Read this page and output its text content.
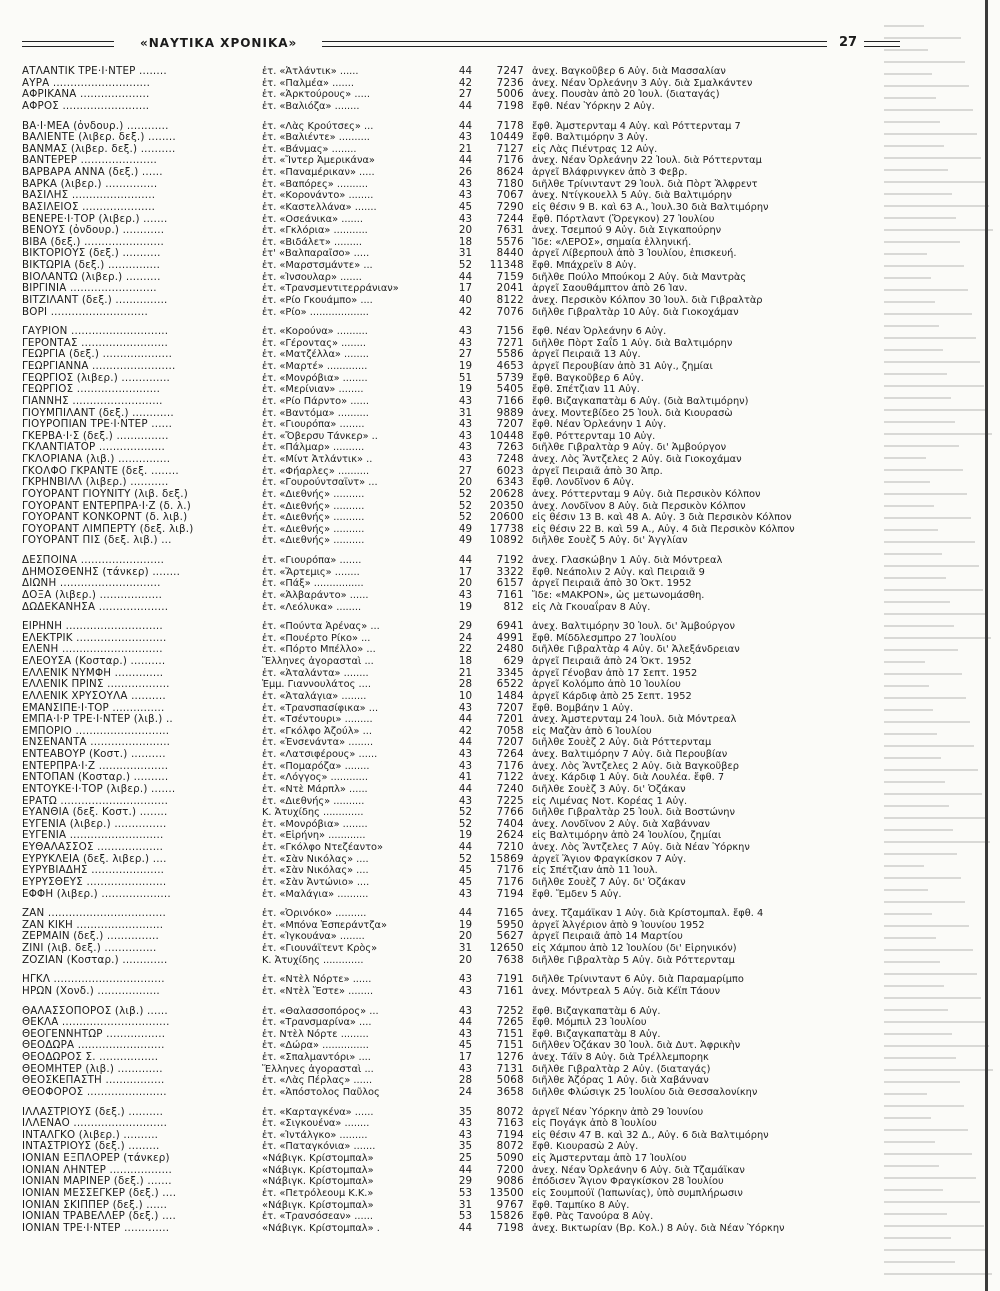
«ΝΑΥΤΙΚΑ ΧΡΟΝΙΚΑ»	27
ΑΤΛΑΝΤΙΚ ΤΡΕ·Ι·ΝΤΕΡ ........	ἐτ. «Ἀτλάντικ» ......	44	7247 ἀνεχ. Βαγκοῦβερ 6 Αὐγ. διὰ Μασσαλίαν
ΑΥΡΑ ............................	ἐτ. «Παλμέα» .......	42	7236 ἀνεχ. Νέαν Ὀρλεάνην 3 Αὐγ. διὰ Σμαλκάντεν
ΑΦΡΙΚΑΝΑ ....................	ἐτ. «Ἀρκτούρους» .....	27	5006 ἀνεχ. Πουσὰν ἀπὸ 20 Ἰουλ. (διαταγάς)
ΑΦΡΟΣ .........................	ἐτ. «Βαλιόζα» ........	44	7198 ἔφθ. Νέαν Ὑόρκην 2 Αὐγ.
ΒΑ·Ι·ΜΕΑ (ὀνδουρ.) ............	ἐτ. «Λὰς Κρούτσες» ...	44	7178 ἔφθ. Ἀμστερνταμ 4 Αὐγ. καὶ Ρόττερνταμ 7
ΒΑΛΙΕΝΤΕ (λιβερ. δεξ.) ........	ἐτ. «Βαλιέντε» ..........	43	10449 ἔφθ. Βαλτιμόρην 3 Αὐγ.
ΒΑΝΜΑΣ (λιβερ. δεξ.) ..........	ἐτ. «Βάνμας» ........	21	7127 εἰς Λὰς Πιέντρας 12 Αὐγ.
ΒΑΝΤΕΡΕΡ ......................	ἐτ. «Ἴντερ Ἀμερικάνα»	44	7176 ἀνεχ. Νέαν Ὀρλεάνην 22 Ἰουλ. διὰ Ρόττερνταμ
ΒΑΡΒΑΡΑ ΑΝΝΑ (δεξ.) ......	ἐτ. «Παναμέρικαν» .....	26	8624 ἀργεῖ Βλάφρινγκεν ἀπὸ 3 Φεβρ.
ΒΑΡΚΑ (λιβερ.) ...............	ἐτ. «Βαπόρες» ..........	43	7180 διῆλθε Τρίνινταντ 29 Ἰουλ. διὰ Πὸρτ Ἄλφρεντ
ΒΑΣΙΛΗΣ ........................	ἐτ. «Κορονάντο» ........	43	7067 ἀνεχ. Ντίγκουελλ 5 Αὐγ. διὰ Βαλτιμόρην
ΒΑΣΙΛΕΙΟΣ .....................	ἐτ. «Καστελλάνα» .......	45	7290 εἰς θέσιν 9 Β. καὶ 63 Α., Ἰουλ.30 διὰ Βαλτιμόρην
ΒΕΝΕΡΕ·Ι·ΤΟΡ (λιβερ.) .......	ἐτ. «Οσεάνικα» .......	43	7244 ἔφθ. Πόρτλαντ (Ὄρεγκον) 27 Ἰουλίου
ΒΕΝΟΥΣ (ὀνδουρ.) ............	ἐτ. «Γκλόρια» ...........	20	7631 ἀνεχ. Τσεμπού 9 Αὐγ. διὰ Σιγκαπούρην
ΒΙΒΑ (δεξ.) .......................	ἐτ. «Βιδάλετ» .........	18	5576 Ἴδε: «ΛΕΡΟΣ», σημαία ἑλληνική.
ΒΙΚΤΟΡΙΟΥΣ (δεξ.) ...........	ἐτ' «Βαλπαραῖσο» .....	31	8440 ἀργεῖ Λίβερπουλ ἀπὸ 3 Ἰουλίου, ἐπισκευή.
ΒΙΚΤΩΡΙΑ (δεξ.) ...............	ἐτ. «Μαρστσμάντε» ...	52	11348 ἔφθ. Μπάχρεϊν 8 Αὐγ.
ΒΙΟΛΑΝΤΩ (λιβερ.) ..........	ἐτ. «Ἰνσουλαρ» .......	44	7159 διῆλθε Πούλο Μπούκομ 2 Αὐγ. διὰ Μαντρὰς
ΒΙΡΓΙΝΙΑ .........................	ἐτ. «Τρανσμεντιτερράνιαν»	17	2041 ἀργεῖ Σαουθάμπτον ἀπὸ 26 Ἰαν.
ΒΙΤΖΙΛΑΝΤ (δεξ.) ...............	ἐτ. «Ρίο Γκουάμπο» ....	40	8122 ἀνεχ. Περσικὸν Κόλπον 30 Ἰουλ. διὰ Γιβραλτὰρ
ΒΟΡΙ ............................	ἐτ. «Ρίο» ...................	42	7076 διῆλθε Γιβραλτὰρ 10 Αὐγ. διὰ Γιοκοχάμαν
ΓΑΥΡΙΟΝ ............................	ἐτ. «Κορούνα» ..........	43	7156 ἔφθ. Νέαν Ὀρλεάνην 6 Αὐγ.
ΓΕΡΟΝΤΑΣ .........................	ἐτ. «Γέροντας» ........	43	7271 διῆλθε Πὸρτ Σαΐδ 1 Αὐγ. διὰ Βαλτιμόρην
ΓΕΩΡΓΙΑ (δεξ.) ....................	ἐτ. «Ματζέλλα» ........	27	5586 ἀργεῖ Πειραιᾶ 13 Αὐγ.
ΓΕΩΡΓΙΑΝΝΑ ........................	ἐτ. «Μαρτέ» .............	19	4653 ἀργεῖ Περουβίαν ἀπὸ 31 Αὐγ., ζημίαι
ΓΕΩΡΓΙΟΣ (λιβερ.) ..............	ἐτ. «Μονρόβια» ........	51	5739 ἔφθ. Βαγκοῦβερ 6 Αὐγ.
ΓΕΩΡΓΙΟΣ ........................	ἐτ. «Μερίνιαν» ........	19	5405 ἔφθ. Σπέτζιαν 11 Αὐγ.
ΓΙΑΝΝΗΣ ..........................	ἐτ. «Ρίο Πάρντο» ......	43	7166 ἔφθ. Βιζαγκαπατὰμ 6 Αὐγ. (διὰ Βαλτιμόρην)
ΓΙΟΥΜΠΙΛΑΝΤ (δεξ.) ............	ἐτ. «Βαντόμα» ..........	31	9889 ἀνεχ. Μοντεβίδεο 25 Ἰουλ. διὰ Κιουρασὼ
ΓΙΟΥΡΟΠΙΑΝ ΤΡΕ·Ι·ΝΤΕΡ ......	ἐτ. «Γιουρόπα» ........	43	7207 ἔφθ. Νέαν Ὀρλεάνην 1 Αὐγ.
ΓΚΕΡΒΑ·Ι·Σ (δεξ.) ...............	ἐτ. «Ὄβερσυ Τάνκερ» ..	43	10448 ἔφθ. Ρόττερνταμ 10 Αὐγ.
ΓΚΛΑΝΤΙΑΤΟΡ ...................	ἐτ. «Πάλμαρ» ..........	43	7263 διῆλθε Γιβραλτὰρ 9 Αὐγ. δι' Ἀμβούργον
ΓΚΛΟΡΙΑΝΑ (λιβ.) ...............	ἐτ. «Μίντ Ἀτλάντικ» ..	43	7248 ἀνεχ. Λὸς Ἄντζελες 2 Αὐγ. διὰ Γιοκοχάμαν
ΓΚΟΛΦΟ ΓΚΡΑΝΤΕ (δεξ. ........	ἐτ. «Φήαρλες» ..........	27	6023 ἀργεῖ Πειραιᾶ ἀπὸ 30 Ἀπρ.
ΓΚΡΗΝΒΙΛΛ (λιβερ.) ...........	ἐτ. «Γουρούντσαϊντ» ...	20	6343 ἔφθ. Λονδῖνον 6 Αὐγ.
ΓΟΥΟΡΑΝΤ ΓΙΟΥΝΙΤΥ (λιβ. δεξ.)	ἐτ. «Διεθνής» ..........	52	20628 ἀνεχ. Ρόττερνταμ 9 Αὐγ. διὰ Περσικὸν Κόλπον
ΓΟΥΟΡΑΝΤ ΕΝΤΕΡΠΡΑ·Ι·Ζ (δ. λ.)	ἐτ. «Διεθνής» ..........	52	20350 ἀνεχ. Λονδῖνον 8 Αὐγ. διὰ Περσικὸν Κόλπον
ΓΟΥΟΡΑΝΤ ΚΟΝΚΟΡΝΤ (δ. λιβ.)	ἐτ. «Διεθνής» ..........	52	20600 εἰς θέσιν 13 Β. καὶ 48 Α. Αὐγ. 3 διὰ Περσικὸν Κόλπον
ΓΟΥΟΡΑΝΤ ΛΙΜΠΕΡΤΥ (δεξ. λιβ.)	ἐτ. «Διεθνής» ..........	49	17738 εἰς θέσιν 22 Β. καὶ 59 Α., Αὐγ. 4 διὰ Περσικὸν Κόλπον
ΓΟΥΟΡΑΝΤ ΠΙΣ (δεξ. λιβ.) ...	ἐτ. «Διεθνής» ..........	49	10892 διῆλθε Σουὲζ 5 Αὐγ. δι' Ἀγγλίαν
ΔΕΣΠΟΙΝΑ ........................	ἐτ. «Γιουρόπα» .......	44	7192 ἀνεχ. Γλασκώβην 1 Αὐγ. διὰ Μόντρεαλ
ΔΗΜΟΣΘΕΝΗΣ (τάνκερ) ........	ἐτ. «Ἄρτεμις» ........	17	3322 ἔφθ. Νεάπολιν 2 Αὐγ. καὶ Πειραιᾶ 9
ΔΙΩΝΗ .............................	ἐτ. «Πάξ» ................	20	6157 ἀργεῖ Πειραιᾶ ἀπὸ 30 Ὀκτ. 1952
ΔΟΞΑ (λιβερ.) ..................	ἐτ. «Ἀλβαράντο» ......	43	7161 Ἴδε: «ΜΑΚΡΟΝ», ὡς μετωνομάσθη.
ΔΩΔΕΚΑΝΗΣΑ ....................	ἐτ. «Λεόλυκα» ........	19	812 εἰς Λὰ Γκουαΐραν 8 Αὐγ.
ΕΙΡΗΝΗ ............................	ἐτ. «Πούντα Ἀρένας» ...	29	6941 ἀνεχ. Βαλτιμόρην 30 Ἰουλ. δι' Ἀμβούργον
ΕΛΕΚΤΡΙΚ ..........................	ἐτ. «Πουέρτο Ρίκο» ...	24	4991 ἔφθ. Μίδδλεσμπρο 27 Ἰουλίου
ΕΛΕΝΗ .............................	ἐτ. «Πόρτο Μπέλλο» ...	22	2480 διῆλθε Γιβραλτὰρ 4 Αὐγ. δι' Ἀλεξάνδρειαν
ΕΛΕΟΥΣΑ (Κοσταρ.) ..........	Ἕλληνες ἀγορασταὶ ...	18	629 ἀργεῖ Πειραιᾶ ἀπὸ 24 Ὀκτ. 1952
ΕΛΛΕΝΙΚ ΝΥΜΦΗ ..............	ἐτ. «Ἀταλάντα» ........	21	3345 ἀργεῖ Γένοβαν ἀπὸ 17 Σεπτ. 1952
ΕΛΛΕΝΙΚ ΠΡΙΝΣ ..................	Ἐμμ. Γιαννουλάτος ....	28	6522 ἀργεῖ Κολόμπο ἀπὸ 10 Ἰουλίου
ΕΛΛΕΝΙΚ ΧΡΥΣΟΥΛΑ ..........	ἐτ. «Ἀταλάγια» ........	10	1484 ἀργεῖ Κάρδιφ ἀπὸ 25 Σεπτ. 1952
ΕΜΑΝΣΙΠΕ·Ι·ΤΟΡ ...............	ἐτ. «Τρανσπασίφικα» ...	43	7207 ἔφθ. Βομβάην 1 Αὐγ.
ΕΜΠΑ·Ι·Ρ ΤΡΕ·Ι·ΝΤΕΡ (λιβ.) ..	ἐτ. «Τσέντουρι» .........	44	7201 ἀνεχ. Ἀμστερνταμ 24 Ἰουλ. διὰ Μόντρεαλ
ΕΜΠΟΡΙΟ ...........................	ἐτ. «Γκόλφο Ἀζούλ» ...	42	7058 εἰς Μαζὰν ἀπὸ 6 Ἰουλίου
ΕΝΣΕΝΑΝΤΑ .......................	ἐτ. «Ἐνσενάντα» ........	44	7207 διῆλθε Σουὲζ 2 Αὐγ. διὰ Ρόττερνταμ
ΕΝΤΕΑΒΟΥΡ (Κοστ.) ..........	ἐτ. «Λατσιφέρους» ......	43	7264 ἀνεχ. Βαλτιμόρην 7 Αὐγ. διὰ Περουβίαν
ΕΝΤΕΡΠΡΑ·Ι·Ζ ....................	ἐτ. «Πομαρόζα» ........	43	7176 ἀνεχ. Λὸς Ἄντζελες 2 Αὐγ. διὰ Βαγκοῦβερ
ΕΝΤΟΠΑΝ (Κοσταρ.) ..........	ἐτ. «Λόγγος» ............	41	7122 ἀνεχ. Κάρδιφ 1 Αὐγ. διὰ Λουλέα. ἔφθ. 7
ΕΝΤΟΥΚΕ·Ι·ΤΟΡ (λιβερ.) .......	ἐτ. «Ντὲ Μάρπλ» ......	44	7240 διῆλθε Σουὲζ 3 Αὐγ. δι' Ὀζάκαν
ΕΡΑΤΩ ...............................	ἐτ. «Διεθνής» ..........	43	7225 εἰς Λιμένας Νοτ. Κορέας 1 Αὐγ.
ΕΥΑΝΘΙΑ (δεξ. Κοστ.) ........	Κ. Ἀτυχίδης .............	52	7766 διῆλθε Γιβραλτὰρ 25 Ἰουλ. διὰ Βοστώνην
ΕΥΓΕΝΙΑ (λιβερ.) ...............	ἐτ. «Μονρόβια» ........	52	7404 ἀνεχ. Λονδῖνον 2 Αὐγ. διὰ Χαβάνναν
ΕΥΓΕΝΙΑ ...........................	ἐτ. «Εἰρήνη» ............	19	2624 εἰς Βαλτιμόρην ἀπὸ 24 Ἰουλίου, ζημίαι
ΕΥΘΑΛΑΣΣΟΣ ...................	ἐτ. «Γκόλφο Ντεζέαντο»	44	7210 ἀνεχ. Λὸς Ἄντζελες 7 Αὐγ. διὰ Νέαν Ὑόρκην
ΕΥΡΥΚΛΕΙΑ (δεξ. λιβερ.) ....	ἐτ. «Σὰν Νικόλας» ....	52	15869 ἀργεῖ Ἅγιον Φραγκίσκον 7 Αὐγ.
ΕΥΡΥΒΙΑΔΗΣ .....................	ἐτ. «Σὰν Νικόλας» ....	45	7176 εἰς Σπέτζιαν ἀπὸ 11 Ἰουλ.
ΕΥΡΥΣΘΕΥΣ .......................	ἐτ. «Σὰν Ἀντώνιο» ....	45	7176 διῆλθε Σουὲζ 7 Αὐγ. δι' Ὀζάκαν
ΕΦΦΗ (λιβερ.) ....................	ἐτ. «Μαλάγια» ..........	43	7194 ἔφθ. Ἔμδεν 5 Αὐγ.
ΖΑΝ ..................................	ἐτ. «Ὀρινόκο» ..........	44	7165 ἀνεχ. Τζαμάϊκαν 1 Αὐγ. διὰ Κρίστομπαλ. ἔφθ. 4
ΖΑΝ ΚΙΚΗ .........................	ἐτ. «Μπόνα Ἐσπεράντζα»	19	5950 ἀργεῖ Ἀλγέριον ἀπὸ 9 Ἰουνίου 1952
ΖΕΡΜΑΙΝ (δεξ.) ...............	ἐτ. «Ἰγκουάνα» ........	20	5627 ἀργεῖ Πειραιᾶ ἀπὸ 14 Μαρτίου
ΖΙΝΙ (λιβ. δεξ.) ...............	ἐτ. «Γιουνάϊτεντ Κρὸς»	31	12650 εἰς Χάμπου ἀπὸ 12 Ἰουλίου (δι' Εἰρηνικόν)
ΖΟΖΙΑΝ (Κοσταρ.) .............	Κ. Ἀτυχίδης .............	20	7638 διῆλθε Γιβραλτὰρ 5 Αὐγ. διὰ Ρόττερνταμ
ΗΓΚΛ ................................	ἐτ. «Ντὲλ Νόρτε» ......	43	7191 διῆλθε Τρίνινταντ 6 Αὐγ. διὰ Παραμαρίμπο
ΗΡΩΝ (Χονδ.) ..................	ἐτ. «Ντὲλ Ἔστε» ........	43	7161 ἀνεχ. Μόντρεαλ 5 Αὐγ. διὰ Κέϊπ Τάουν
ΘΑΛΑΣΣΟΠΟΡΟΣ (λιβ.) ......	ἐτ. «Θαλασσοπόρος» ...	43	7252 ἔφθ. Βιζαγκαπατὰμ 6 Αὐγ.
ΘΕΚΛΑ ...............................	ἐτ. «Τρανσμαρίνα» ....	44	7265 ἔφθ. Μόμπιλ 23 Ἰουλίου
ΘΕΟΓΕΝΝΗΤΩΡ .................	ἐτ. Ντὲλ Νόρτε .........	43	7151 ἔφθ. Βιζαγκαπατὰμ 8 Αὐγ.
ΘΕΟΔΩΡΑ .........................	ἐτ. «Δώρα» ...............	45	7151 διῆλθεν Ὀζάκαν 30 Ἰουλ. διὰ Δυτ. Ἀφρικὴν
ΘΕΟΔΩΡΟΣ Σ. .................	ἐτ. «Σπαλμαντόρι» ....	17	1276 ἀνεχ. Τάϊν 8 Αὐγ. διὰ Τρέλλεμπορηκ
ΘΕΟΜΗΤΕΡ (λιβ.) .............	Ἕλληνες ἀγορασταὶ ...	43	7131 διῆλθε Γιβραλτὰρ 2 Αὐγ. (διαταγάς)
ΘΕΟΣΚΕΠΑΣΤΗ .................	ἐτ. «Λὰς Πέρλας» ......	28	5068 διῆλθε Ἀζόρας 1 Αὐγ. διὰ Χαβάνναν
ΘΕΟΦΟΡΟΣ .......................	ἐτ. «Ἀπόστολος Παῦλος	24	3658 διῆλθε Φλώσιγκ 25 Ἰουλίου διὰ Θεσσαλονίκην
ΙΛΛΑΣΤΡΙΟΥΣ (δεξ.) ..........	ἐτ. «Καρταγκένα» ......	35	8072 ἀργεῖ Νέαν Ὑόρκην ἀπὸ 29 Ἰουνίου
ΙΛΛΕΝΑΟ ...........................	ἐτ. «Σιγκουένα» ........	43	7163 εἰς Πογάγκ ἀπὸ 8 Ἰουλίου
ΙΝΤΑΛΓΚΟ (λιβερ.) ..........	ἐτ. «Ἰντάλγκο» .........	43	7194 εἰς θέσιν 47 Β. καὶ 32 Δ., Αὐγ. 6 διὰ Βαλτιμόρην
ΙΝΤΑΣΤΡΙΟΥΣ (δεξ.) .........	ἐτ. «Παταγκόνια» .......	35	8072 ἔφθ. Κιουρασὼ 2 Αὐγ.
ΙΟΝΙΑΝ ΕΞΠΛΟΡΕΡ (τάνκερ)	«Νάβιγκ. Κρίστομπαλ»	25	5090 εἰς Ἀμστερνταμ ἀπὸ 17 Ἰουλίου
ΙΟΝΙΑΝ ΛΗΝΤΕΡ ..................	«Νάβιγκ. Κρίστομπαλ»	44	7200 ἀνεχ. Νέαν Ὀρλεάνην 6 Αὐγ. διὰ Τζαμάϊκαν
ΙΟΝΙΑΝ ΜΑΡΙΝΕΡ (δεξ.) .......	«Νάβιγκ. Κρίστομπαλ»	29	9086 ἐπόδισεν Ἅγιον Φραγκίσκον 28 Ἰουλίου
ΙΟΝΙΑΝ ΜΕΣΣΕΓΚΕΡ (δεξ.) ....	ἐτ. «Πετρόλεουμ Κ.Κ.»	53	13500 εἰς Σουμπούϊ (Ἰαπωνίας), ὑπὸ συμπλήρωσιν
ΙΟΝΙΑΝ ΣΚΙΠΠΕΡ (δεξ.) ......	«Νάβιγκ. Κρίστομπαλ»	31	9767 ἔφθ. Ταμπίκο 8 Αὐγ.
ΙΟΝΙΑΝ ΤΡΑΒΕΛΛΕΡ (δεξ.) ....	ἐτ. «Τρανσόσεαν» ......	53	15826 ἔφθ. Ρὰς Τανούρα 8 Αὐγ.
ΙΟΝΙΑΝ ΤΡΕ·Ι·ΝΤΕΡ .............	«Νάβιγκ. Κρίστομπαλ» .	44	7198 ἀνεχ. Βικτωρίαν (Βρ. Κολ.) 8 Αὐγ. διὰ Νέαν Ὑόρκην
